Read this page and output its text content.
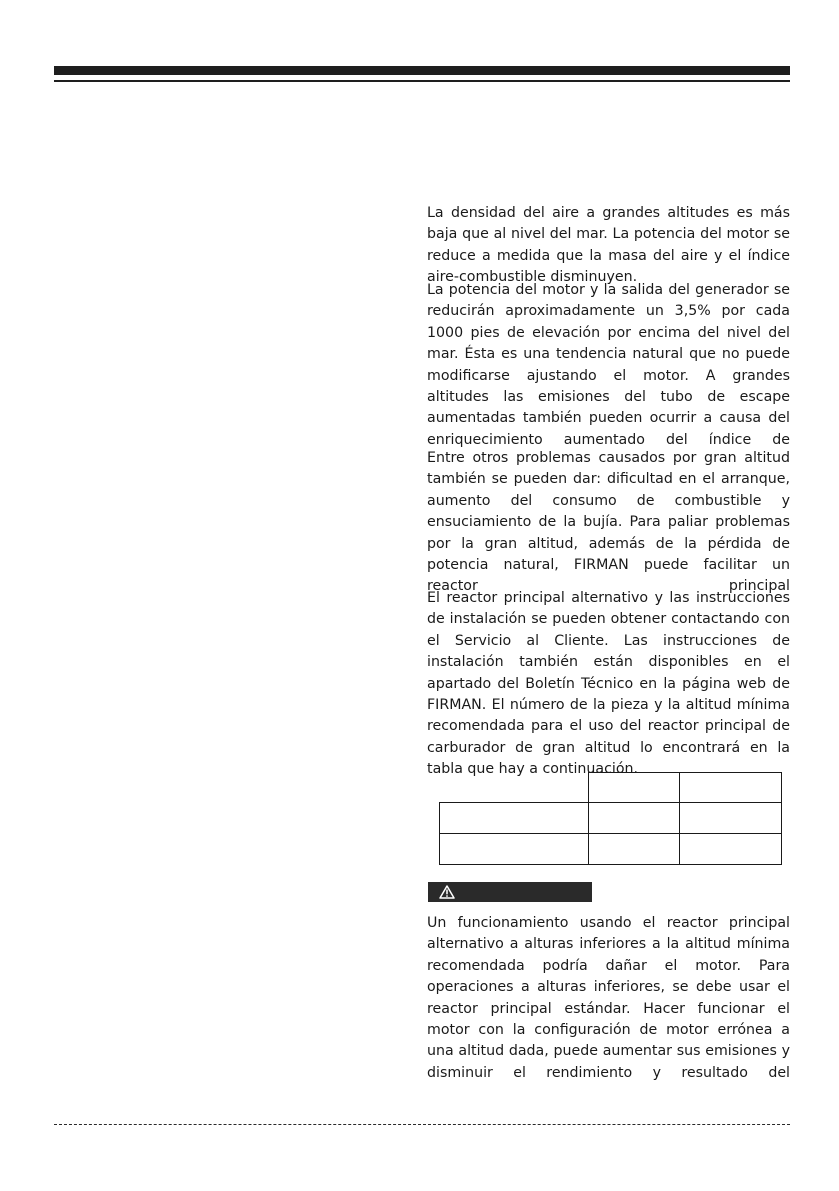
La densidad del aire a grandes altitudes es más baja que al nivel del mar. La potencia del motor se reduce a medida que la masa del aire y el índice aire-combustible disminuyen.

La potencia del motor y la salida del generador se reducirán aproximadamente un 3,5% por cada 1000 pies de elevación por encima del nivel del mar. Ésta es una tendencia natural que no puede modificarse ajustando el motor. A grandes altitudes las emisiones del tubo de escape aumentadas también pueden ocurrir a causa del enriquecimiento aumentado del índice de

Entre otros problemas causados por gran altitud también se pueden dar: dificultad en el arranque, aumento del consumo de combustible y ensuciamiento de la bujía. Para paliar problemas por la gran altitud, además de la pérdida de potencia natural, FIRMAN puede facilitar un reactor principal

El reactor principal alternativo y las instrucciones de instalación se pueden obtener contactando con el Servicio al Cliente. Las instrucciones de instalación también están disponibles en el apartado del Boletín Técnico en la página web de FIRMAN. El número de la pieza y la altitud mínima recomendada para el uso del reactor principal de carburador de gran altitud lo encontrará en la tabla que hay a continuación.

Un funcionamiento usando el reactor principal alternativo a alturas inferiores a la altitud mínima recomendada podría dañar el motor. Para operaciones a alturas inferiores, se debe usar el reactor principal estándar. Hacer funcionar el motor con la configuración de motor errónea a una altitud dada, puede aumentar sus emisiones y disminuir el rendimiento y resultado del
